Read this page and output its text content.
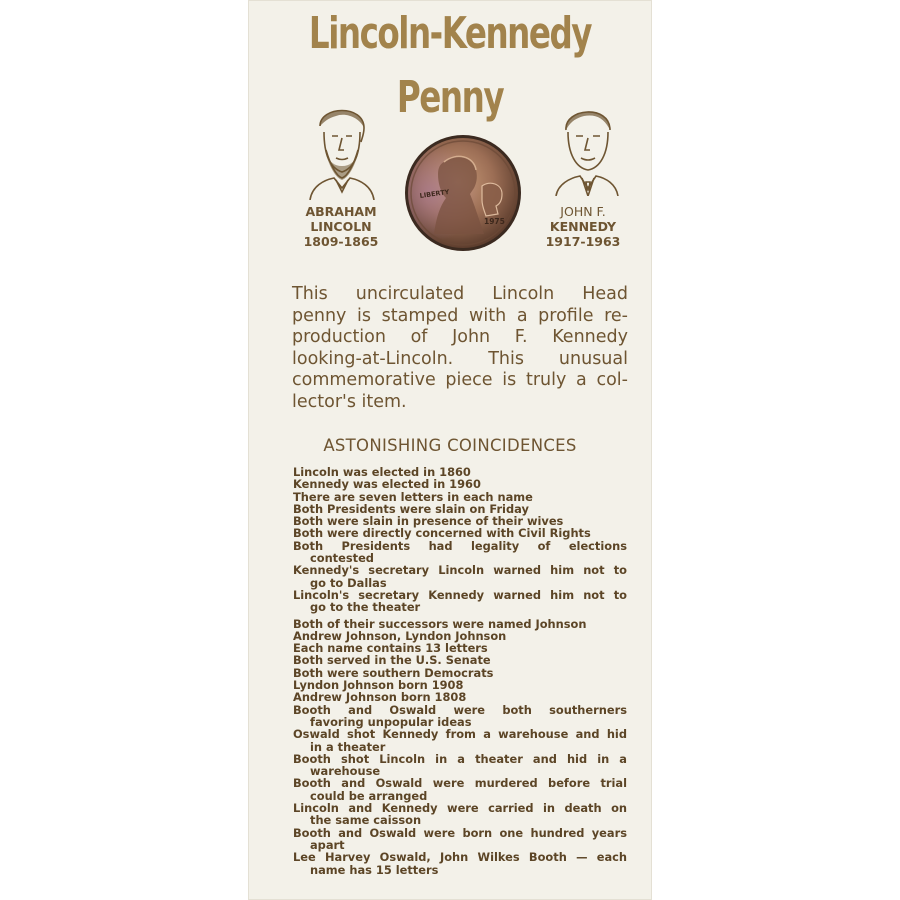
Lincoln-Kennedy
Penny
ABRAHAM
LINCOLN
1809-1865
JOHN F.
KENNEDY
1917-1963
LIBERTY
1975
This uncirculated Lincoln Head
penny is stamped with a profile re-
production of John F. Kennedy
looking-at-Lincoln. This unusual
commemorative piece is truly a col-
lector's item.
ASTONISHING COINCIDENCES
Lincoln was elected in 1860
Kennedy was elected in 1960
There are seven letters in each name
Both Presidents were slain on Friday
Both were slain in presence of their wives
Both were directly concerned with Civil Rights
Both Presidents had legality of elections
contested
Kennedy's secretary Lincoln warned him not to
go to Dallas
Lincoln's secretary Kennedy warned him not to
go to the theater
Both of their successors were named Johnson
Andrew Johnson, Lyndon Johnson
Each name contains 13 letters
Both served in the U.S. Senate
Both were southern Democrats
Lyndon Johnson born 1908
Andrew Johnson born 1808
Booth and Oswald were both southerners
favoring unpopular ideas
Oswald shot Kennedy from a warehouse and hid
in a theater
Booth shot Lincoln in a theater and hid in a
warehouse
Booth and Oswald were murdered before trial
could be arranged
Lincoln and Kennedy were carried in death on
the same caisson
Booth and Oswald were born one hundred years
apart
Lee Harvey Oswald, John Wilkes Booth — each
name has 15 letters
